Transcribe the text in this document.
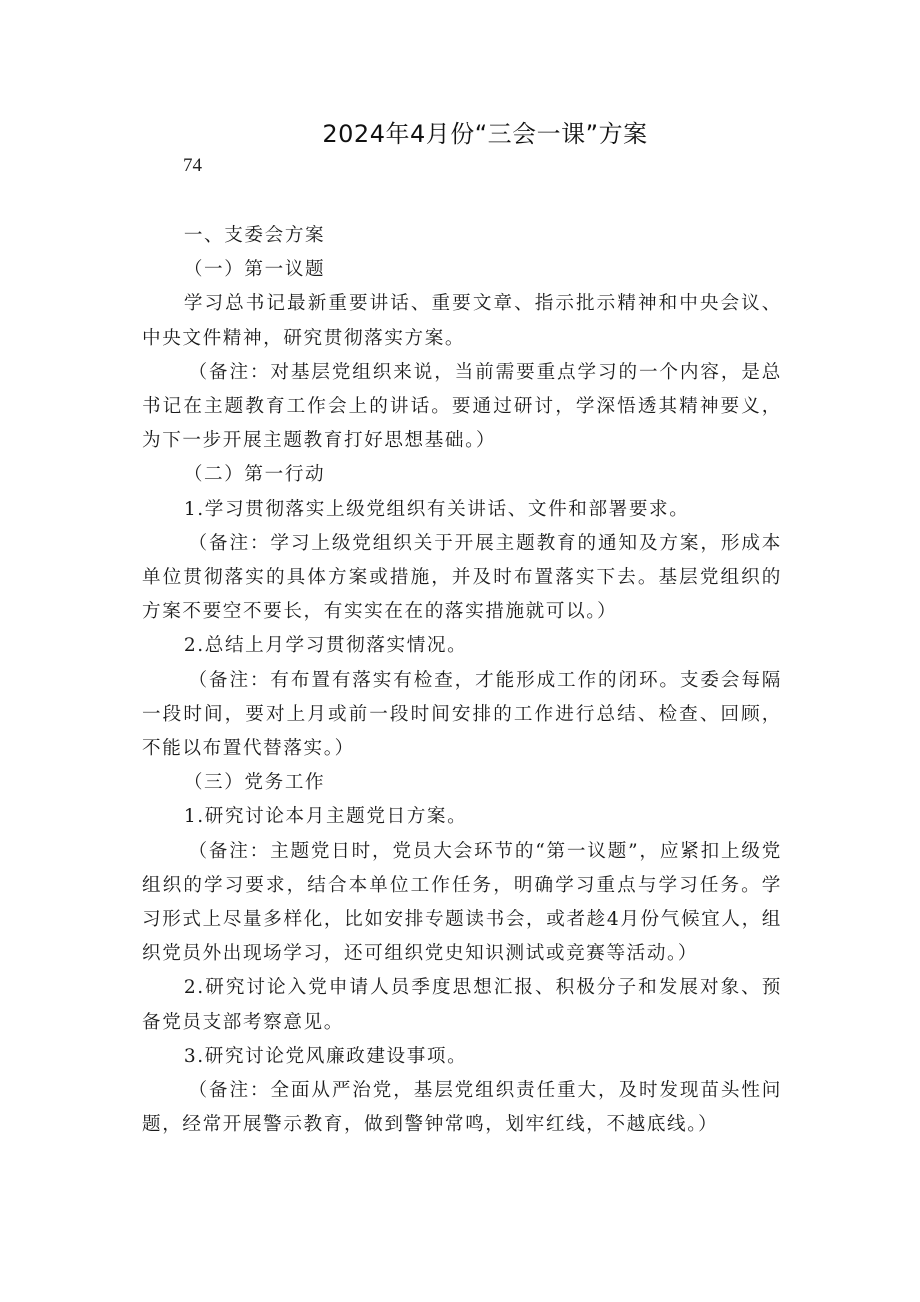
2024年4月份“三会一课”方案
74

一、支委会方案

（一）第一议题

学习总书记最新重要讲话、重要文章、指示批示精神和中央会议、中央文件精神，研究贯彻落实方案。

（备注：对基层党组织来说，当前需要重点学习的一个内容，是总书记在主题教育工作会上的讲话。要通过研讨，学深悟透其精神要义，为下一步开展主题教育打好思想基础。）

（二）第一行动

1.学习贯彻落实上级党组织有关讲话、文件和部署要求。

（备注：学习上级党组织关于开展主题教育的通知及方案，形成本单位贯彻落实的具体方案或措施，并及时布置落实下去。基层党组织的方案不要空不要长，有实实在在的落实措施就可以。）

2.总结上月学习贯彻落实情况。

（备注：有布置有落实有检查，才能形成工作的闭环。支委会每隔一段时间，要对上月或前一段时间安排的工作进行总结、检查、回顾，不能以布置代替落实。）

（三）党务工作

1.研究讨论本月主题党日方案。

（备注：主题党日时，党员大会环节的“第一议题”，应紧扣上级党组织的学习要求，结合本单位工作任务，明确学习重点与学习任务。学习形式上尽量多样化，比如安排专题读书会，或者趁4月份气候宜人，组织党员外出现场学习，还可组织党史知识测试或竞赛等活动。）

2.研究讨论入党申请人员季度思想汇报、积极分子和发展对象、预备党员支部考察意见。

3.研究讨论党风廉政建设事项。

（备注：全面从严治党，基层党组织责任重大，及时发现苗头性问题，经常开展警示教育，做到警钟常鸣，划牢红线，不越底线。）
